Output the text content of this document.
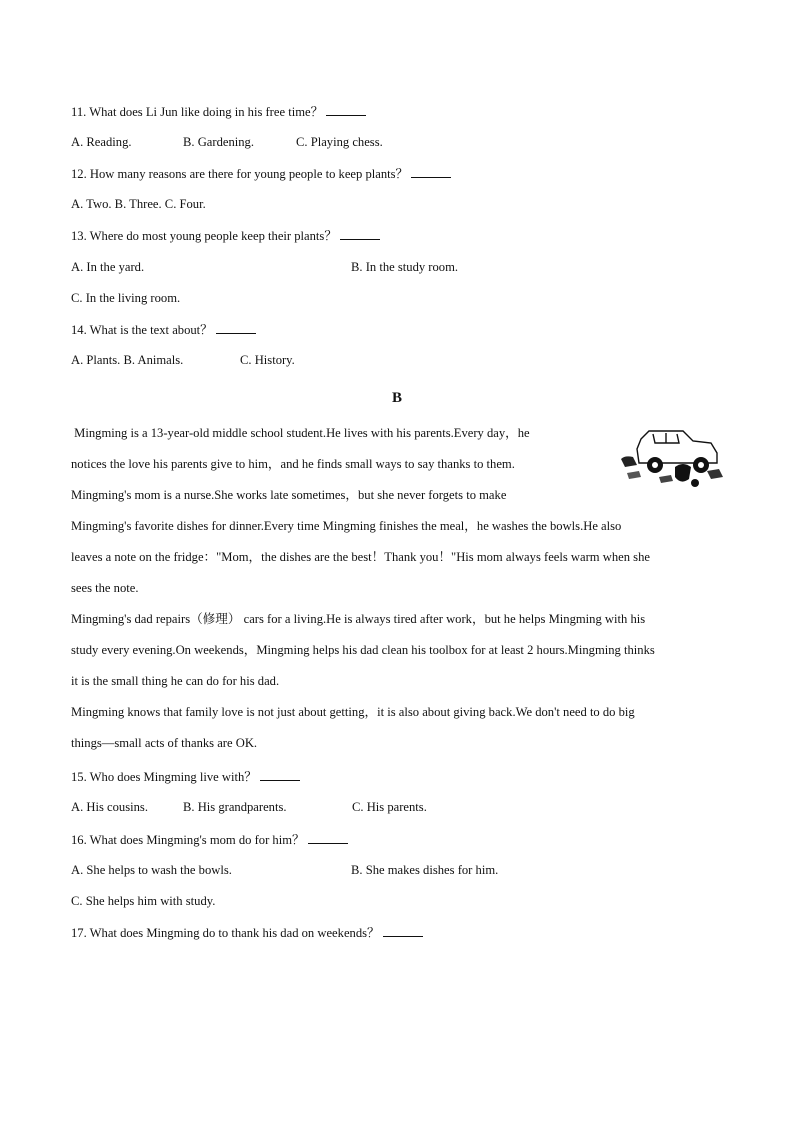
11. What does Li Jun like doing in his free time？
A. Reading.	B. Gardening.	C. Playing chess.
12. How many reasons are there for young people to keep plants？
A. Two. B. Three. C. Four.
13. Where do most young people keep their plants？
A. In the yard.	B. In the study room.
C. In the living room.
14. What is the text about？
A. Plants. B. Animals.	C. History.
B
Mingming is a 13-year-old middle school student.He lives with his parents.Every day，he
notices the love his parents give to him，and he finds small ways to say thanks to them.
Mingming's mom is a nurse.She works late sometimes，but she never forgets to make
Mingming's favorite dishes for dinner.Every time Mingming finishes the meal，he washes the bowls.He also
leaves a note on the fridge："Mom，the dishes are the best！Thank you！"His mom always feels warm when she
sees the note.
Mingming's dad repairs（修理） cars for a living.He is always tired after work，but he helps Mingming with his
study every evening.On weekends，Mingming helps his dad clean his toolbox for at least 2 hours.Mingming thinks
it is the small thing he can do for his dad.
Mingming knows that family love is not just about getting，it is also about giving back.We don't need to do big
things—small acts of thanks are OK.
15. Who does Mingming live with？
A. His cousins.	B. His grandparents.	C. His parents.
16. What does Mingming's mom do for him？
A. She helps to wash the bowls.	B. She makes dishes for him.
C. She helps him with study.
17. What does Mingming do to thank his dad on weekends？
